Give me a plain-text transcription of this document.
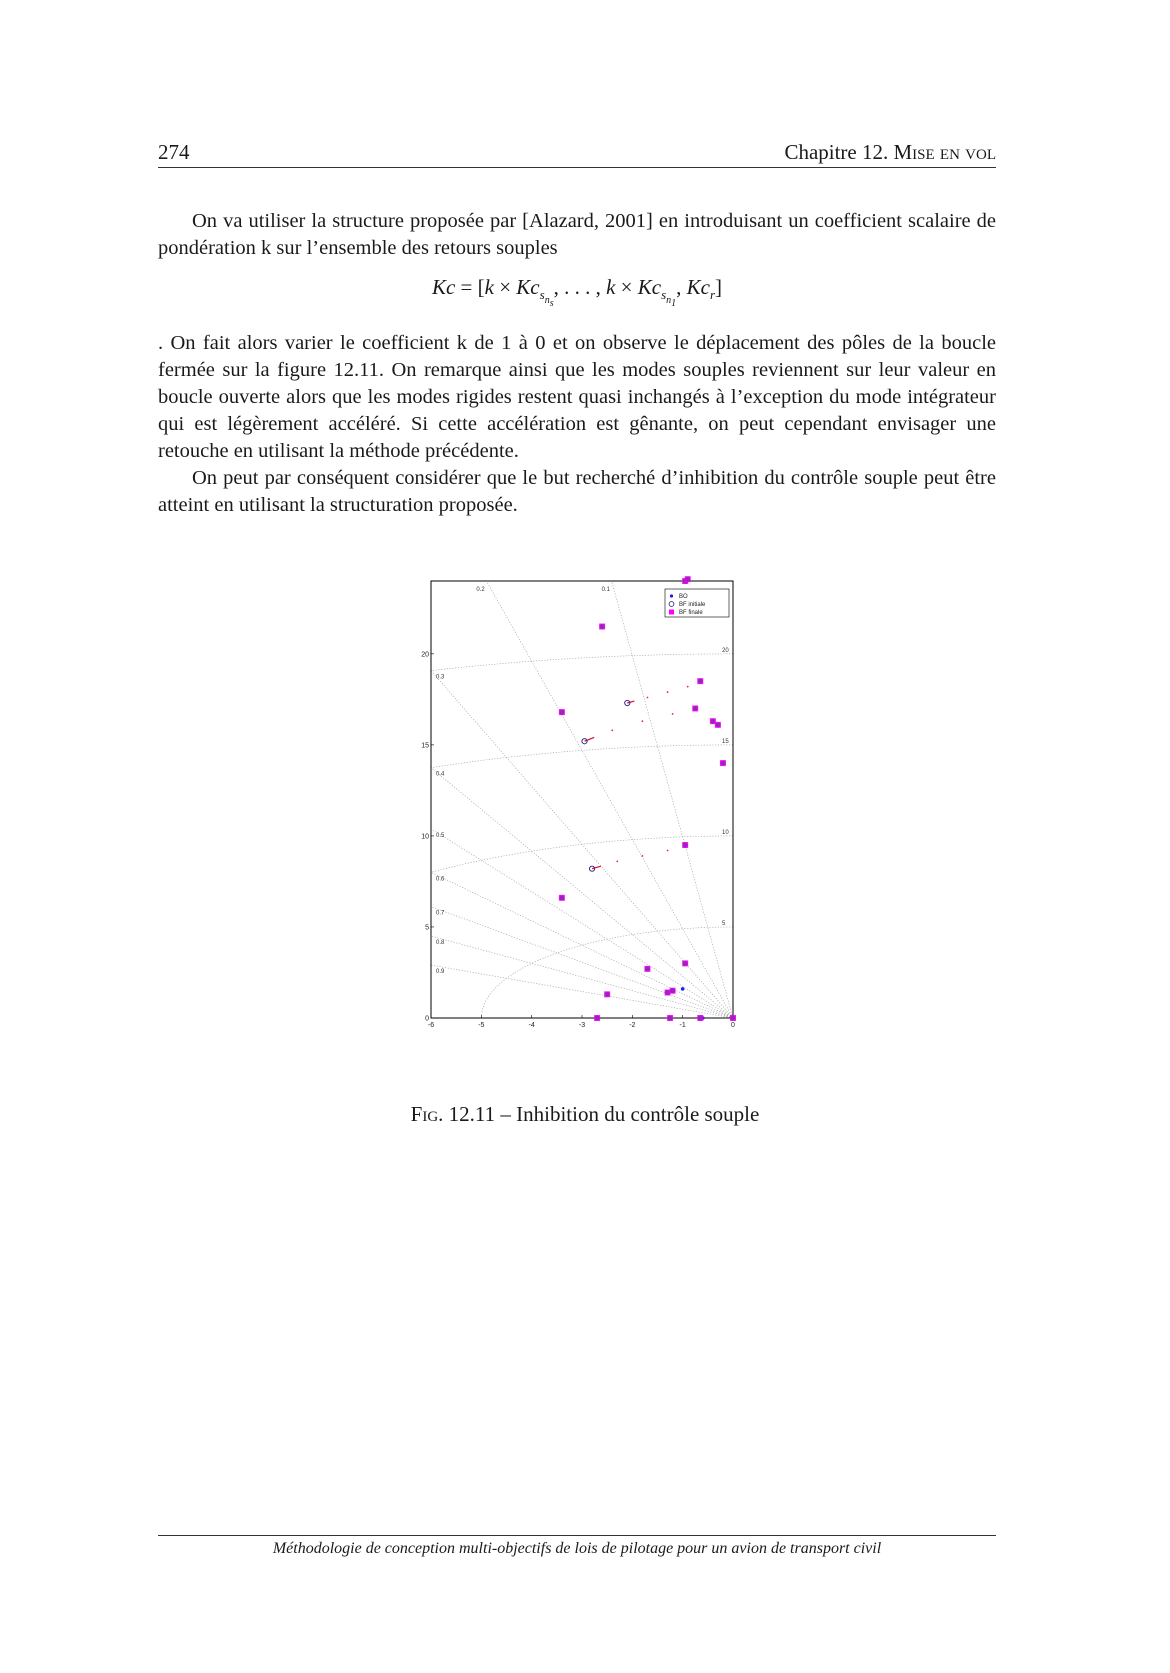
274	Chapitre 12. Mise en vol

On va utiliser la structure proposée par [Alazard, 2001] en introduisant un coefficient scalaire de pondération k sur l’ensemble des retours souples

$Kc = [k \times Kc_{s_{n_s}}$, . . . , $k \times Kc_{s_{n_1}}$, $Kc_r$]

. On fait alors varier le coefficient k de 1 à 0 et on observe le déplacement des pôles de la boucle fermée sur la figure 12.11. On remarque ainsi que les modes souples reviennent sur leur valeur en boucle ouverte alors que les modes rigides restent quasi inchangés à l’exception du mode intégrateur qui est légèrement accéléré. Si cette accélération est gênante, on peut cependant envisager une retouche en utilisant la méthode précédente.

On peut par conséquent considérer que le but recherché d’inhibition du contrôle souple peut être atteint en utilisant la structuration proposée.

-6	-5	-4	-3	-2	-1	0
0
5
10
15
20
0.1
0.2
0.3
0.4
0.5
0.6
0.7
0.8
0.9
5
10
15
20
BO
BF initiale
BF finale
Fig. 12.11 – Inhibition du contrôle souple
Méthodologie de conception multi-objectifs de lois de pilotage pour un avion de transport civil
